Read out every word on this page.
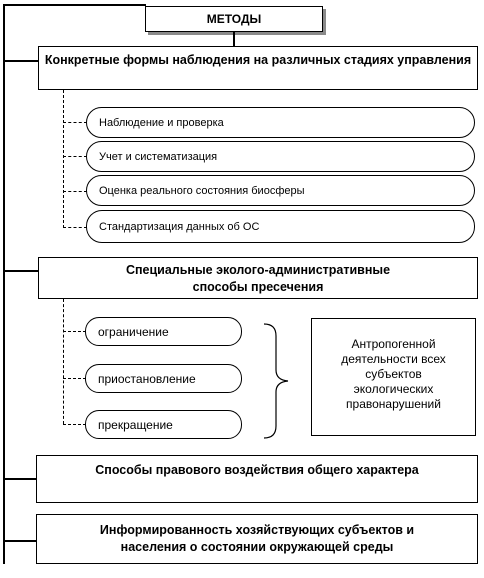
МЕТОДЫ
Конкретные формы наблюдения на различных стадиях управления
Наблюдение и проверка
Учет и систематизация
Оценка реального состояния биосферы
Стандартизация данных об ОС
Специальные эколого-административные
способы пресечения
ограничение
приостановление
прекращение
Антропогенной деятельности всех субъектов экологических правонарушений
Способы правового воздействия общего характера
Информированность хозяйствующих субъектов и населения о состоянии окружающей среды
